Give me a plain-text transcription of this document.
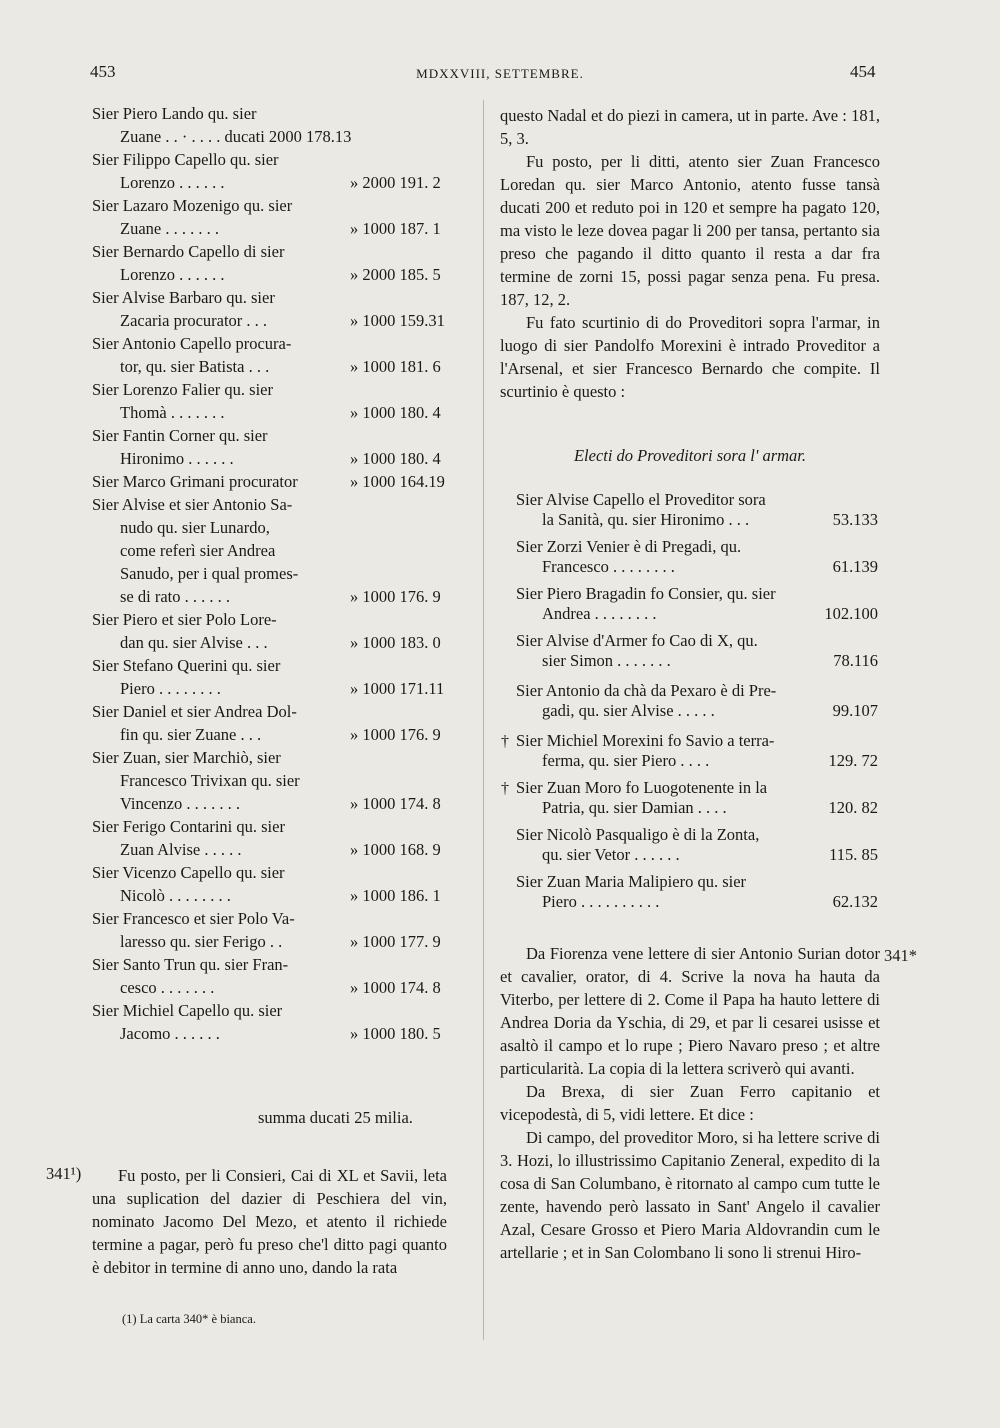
453	MDXXVIII, SETTEMBRE.	454
Sier Piero Lando qu. sier
Zuane . . · . . . . ducati 2000 178.13
Sier Filippo Capello qu. sier
Lorenzo . . . . . .	» 2000 191. 2
Sier Lazaro Mozenigo qu. sier
Zuane . . . . . . .	» 1000 187. 1
Sier Bernardo Capello di sier
Lorenzo . . . . . .	» 2000 185. 5
Sier Alvise Barbaro qu. sier
Zacaria procurator . . .	» 1000 159.31
Sier Antonio Capello procura-
tor, qu. sier Batista . . .	» 1000 181. 6
Sier Lorenzo Falier qu. sier
Thomà . . . . . . .	» 1000 180. 4
Sier Fantin Corner qu. sier
Hironimo . . . . . .	» 1000 180. 4
Sier Marco Grimani procurator	» 1000 164.19
Sier Alvise et sier Antonio Sa-
nudo qu. sier Lunardo,
come referì sier Andrea
Sanudo, per i qual promes-
se di rato . . . . . .	» 1000 176. 9
Sier Piero et sier Polo Lore-
dan qu. sier Alvise . . .	» 1000 183. 0
Sier Stefano Querini qu. sier
Piero . . . . . . . .	» 1000 171.11
Sier Daniel et sier Andrea Dol-
fin qu. sier Zuane . . .	» 1000 176. 9
Sier Zuan, sier Marchiò, sier
Francesco Trivixan qu. sier
Vincenzo . . . . . . .	» 1000 174. 8
Sier Ferigo Contarini qu. sier
Zuan Alvise . . . . .	» 1000 168. 9
Sier Vicenzo Capello qu. sier
Nicolò . . . . . . . .	» 1000 186. 1
Sier Francesco et sier Polo Va-
laresso qu. sier Ferigo . .	» 1000 177. 9
Sier Santo Trun qu. sier Fran-
cesco . . . . . . .	» 1000 174. 8
Sier Michiel Capello qu. sier
Jacomo . . . . . .	» 1000 180. 5
summa ducati 25 milia.
341¹)	Fu posto, per li Consieri, Cai di XL et Savii, leta una suplication del dazier di Peschiera del vin, nominato Jacomo Del Mezo, et atento il richiede termine a pagar, però fu preso che'l ditto pagi quanto è debitor in termine di anno uno, dando la rata
(1) La carta 340* è bianca.

questo Nadal et do piezi in camera, ut in parte. Ave : 181, 5, 3.

Fu posto, per li ditti, atento sier Zuan Francesco Loredan qu. sier Marco Antonio, atento fusse tansà ducati 200 et reduto poi in 120 et sempre ha pagato 120, ma visto le leze dovea pagar li 200 per tansa, pertanto sia preso che pagando il ditto quanto il resta a dar fra termine de zorni 15, possi pagar senza pena. Fu presa. 187, 12, 2.

Fu fato scurtinio di do Proveditori sopra l'armar, in luogo di sier Pandolfo Morexini è intrado Proveditor a l'Arsenal, et sier Francesco Bernardo che compite. Il scurtinio è questo :

Electi do Proveditori sora l' armar.
Sier Alvise Capello el Proveditor sora
la Sanità, qu. sier Hironimo . . .	53.133
Sier Zorzi Venier è di Pregadi, qu.
Francesco . . . . . . . .	61.139
Sier Piero Bragadin fo Consier, qu. sier
Andrea . . . . . . . .	102.100
Sier Alvise d'Armer fo Cao di X, qu.
sier Simon . . . . . . .	78.116
Sier Antonio da chà da Pexaro è di Pre-
gadi, qu. sier Alvise . . . . .	99.107
† Sier Michiel Morexini fo Savio a terra-
ferma, qu. sier Piero . . . .	129. 72
† Sier Zuan Moro fo Luogotenente in la
Patria, qu. sier Damian . . . .	120. 82
Sier Nicolò Pasqualigo è di la Zonta,
qu. sier Vetor . . . . . .	115. 85
Sier Zuan Maria Malipiero qu. sier
Piero . . . . . . . . . .	62.132
341*

Da Fiorenza vene lettere di sier Antonio Surian dotor et cavalier, orator, di 4. Scrive la nova ha hauta da Viterbo, per lettere di 2. Come il Papa ha hauto lettere di Andrea Doria da Yschia, di 29, et par li cesarei usisse et asaltò il campo et lo rupe ; Piero Navaro preso ; et altre particularità. La copia di la lettera scriverò qui avanti.

Da Brexa, di sier Zuan Ferro capitanio et vicepodestà, di 5, vidi lettere. Et dice :

Di campo, del proveditor Moro, si ha lettere scrive di 3. Hozi, lo illustrissimo Capitanio Zeneral, expedito di la cosa di San Columbano, è ritornato al campo cum tutte le zente, havendo però lassato in Sant' Angelo il cavalier Azal, Cesare Grosso et Piero Maria Aldovrandin cum le artellarie ; et in San Colombano li sono li strenui Hiro-
